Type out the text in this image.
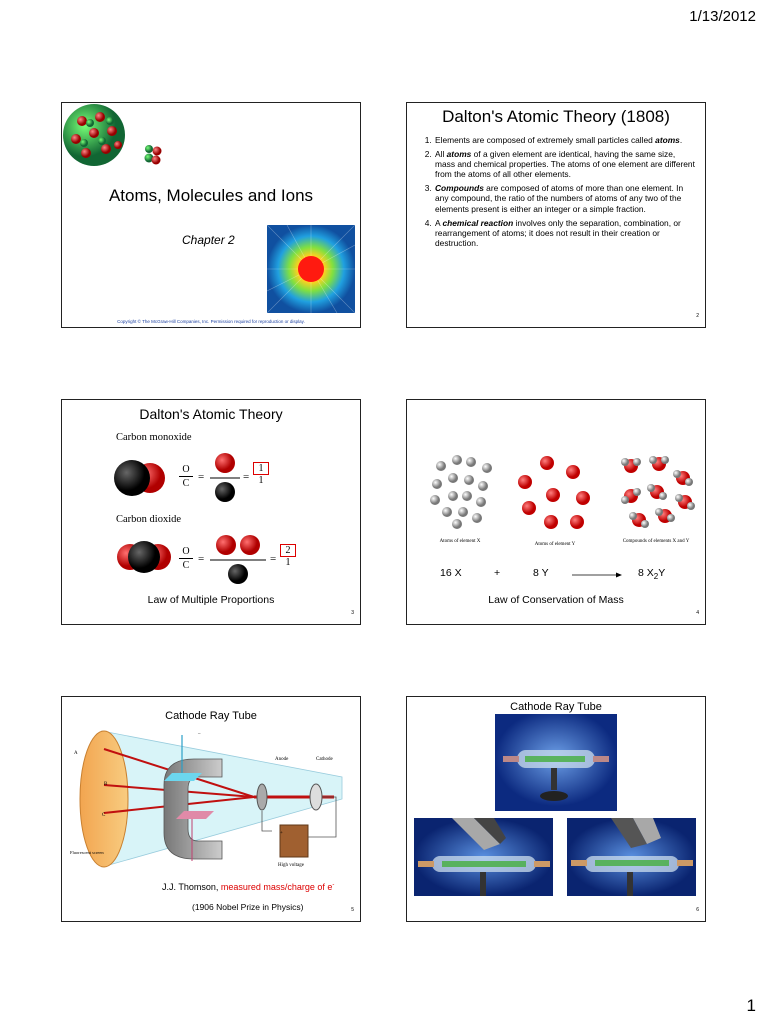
1/13/2012
Atoms, Molecules and Ions
Chapter 2
Copyright © The McGraw-Hill Companies, Inc. Permission required for reproduction or display.
Dalton's Atomic Theory (1808)
1. Elements are composed of extremely small particles called atoms.
2. All atoms of a given element are identical, having the same size, mass and chemical properties. The atoms of one element are different from the atoms of all other elements.
3. Compounds are composed of atoms of more than one element. In any compound, the ratio of the numbers of atoms of any two of the elements present is either an integer or a simple fraction.
4. A chemical reaction involves only the separation, combination, or rearrangement of atoms; it does not result in their creation or destruction.
2
Dalton's Atomic Theory
Carbon monoxide
O
C
=	= $\frac{1}{1}$
Carbon dioxide
O
C
=	= $\frac{2}{1}$
Law of Multiple Proportions
3
Atoms of element X
Atoms of element Y
Compounds of elements X and Y
16 X	+	8 Y → 8 $X_2Y$
Law of Conservation of Mass
4
Cathode Ray Tube
A
B
C
Anode	Cathode
Fluorescent screen
High voltage
+
–
J.J. Thomson, measured mass/charge of e-
(1906 Nobel Prize in Physics)	5
Cathode Ray Tube
6
1
